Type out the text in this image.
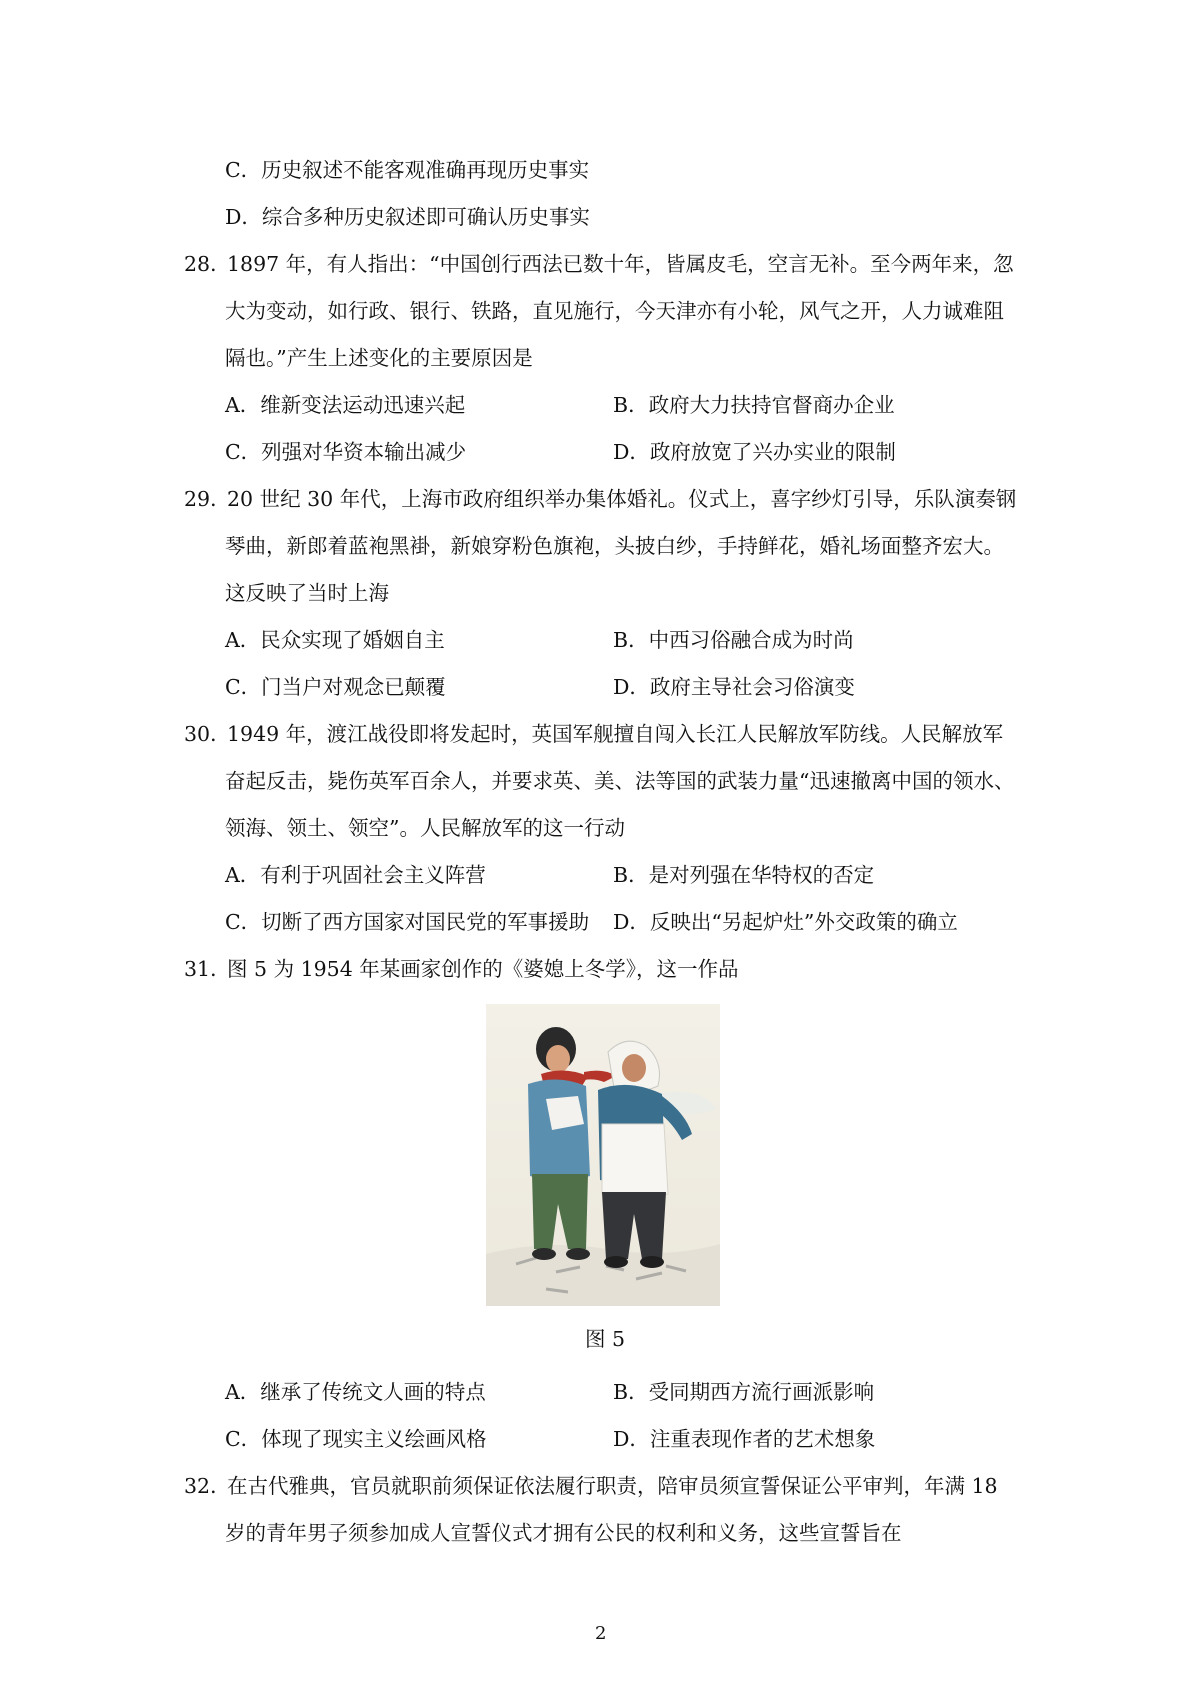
C．历史叙述不能客观准确再现历史事实
D．综合多种历史叙述即可确认历史事实
28．
1897 年，有人指出：“中国创行西法已数十年，皆属皮毛，空言无补。至今两年来，忽
大为变动，如行政、银行、铁路，直见施行，今天津亦有小轮，风气之开，人力诚难阻
隔也。”产生上述变化的主要原因是
A．维新变法运动迅速兴起	B．政府大力扶持官督商办企业
C．列强对华资本输出减少	D．政府放宽了兴办实业的限制
29．
20 世纪 30 年代，上海市政府组织举办集体婚礼。仪式上，喜字纱灯引导，乐队演奏钢
琴曲，新郎着蓝袍黑褂，新娘穿粉色旗袍，头披白纱，手持鲜花，婚礼场面整齐宏大。
这反映了当时上海
A．民众实现了婚姻自主	B．中西习俗融合成为时尚
C．门当户对观念已颠覆	D．政府主导社会习俗演变
30．
1949 年，渡江战役即将发起时，英国军舰擅自闯入长江人民解放军防线。人民解放军
奋起反击，毙伤英军百余人，并要求英、美、法等国的武装力量“迅速撤离中国的领水、
领海、领土、领空”。人民解放军的这一行动
A．有利于巩固社会主义阵营	B．是对列强在华特权的否定
C．切断了西方国家对国民党的军事援助 D．反映出“另起炉灶”外交政策的确立
31．
图 5 为 1954 年某画家创作的《婆媳上冬学》，这一作品
图 5
A．继承了传统文人画的特点	B．受同期西方流行画派影响
C．体现了现实主义绘画风格	D．注重表现作者的艺术想象
32．
在古代雅典，官员就职前须保证依法履行职责，陪审员须宣誓保证公平审判，年满 18
岁的青年男子须参加成人宣誓仪式才拥有公民的权利和义务，这些宣誓旨在
2
